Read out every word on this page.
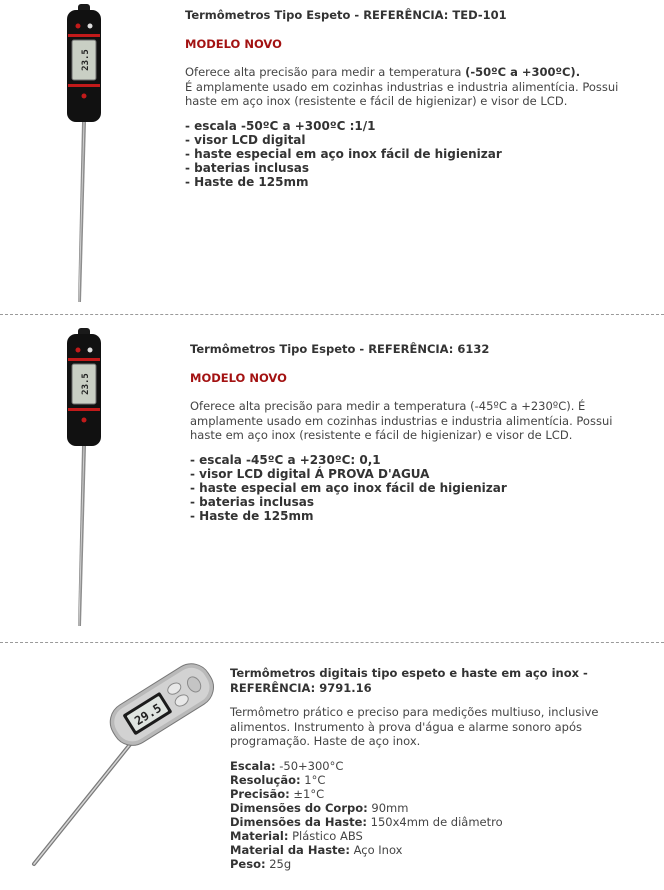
23.5

Termômetros Tipo Espeto - REFERÊNCIA: TED-101

MODELO NOVO

Oferece alta precisão para medir a temperatura (-50ºC a +300ºC).
É amplamente usado em cozinhas industrias e industria alimentícia. Possui haste em aço inox (resistente e fácil de higienizar) e visor de LCD.

- escala -50ºC a +300ºC :1/1
- visor LCD digital
- haste especial em aço inox fácil de higienizar
- baterias inclusas
- Haste de 125mm
23.5

Termômetros Tipo Espeto - REFERÊNCIA: 6132

MODELO NOVO

Oferece alta precisão para medir a temperatura (-45ºC a +230ºC). É amplamente usado em cozinhas industrias e industria alimentícia. Possui haste em aço inox (resistente e fácil de higienizar) e visor de LCD.

- escala -45ºC a +230ºC: 0,1
- visor LCD digital Á PROVA D'AGUA
- haste especial em aço inox fácil de higienizar
- baterias inclusas
- Haste de 125mm
29.5

Termômetros digitais tipo espeto e haste em aço inox -
REFERÊNCIA: 9791.16

Termômetro prático e preciso para medições multiuso, inclusive alimentos. Instrumento à prova d'água e alarme sonoro após programação. Haste de aço inox.

Escala: -50+300°C
Resolução: 1°C
Precisão: ±1°C
Dimensões do Corpo: 90mm
Dimensões da Haste: 150x4mm de diâmetro
Material: Plástico ABS
Material da Haste: Aço Inox
Peso: 25g
